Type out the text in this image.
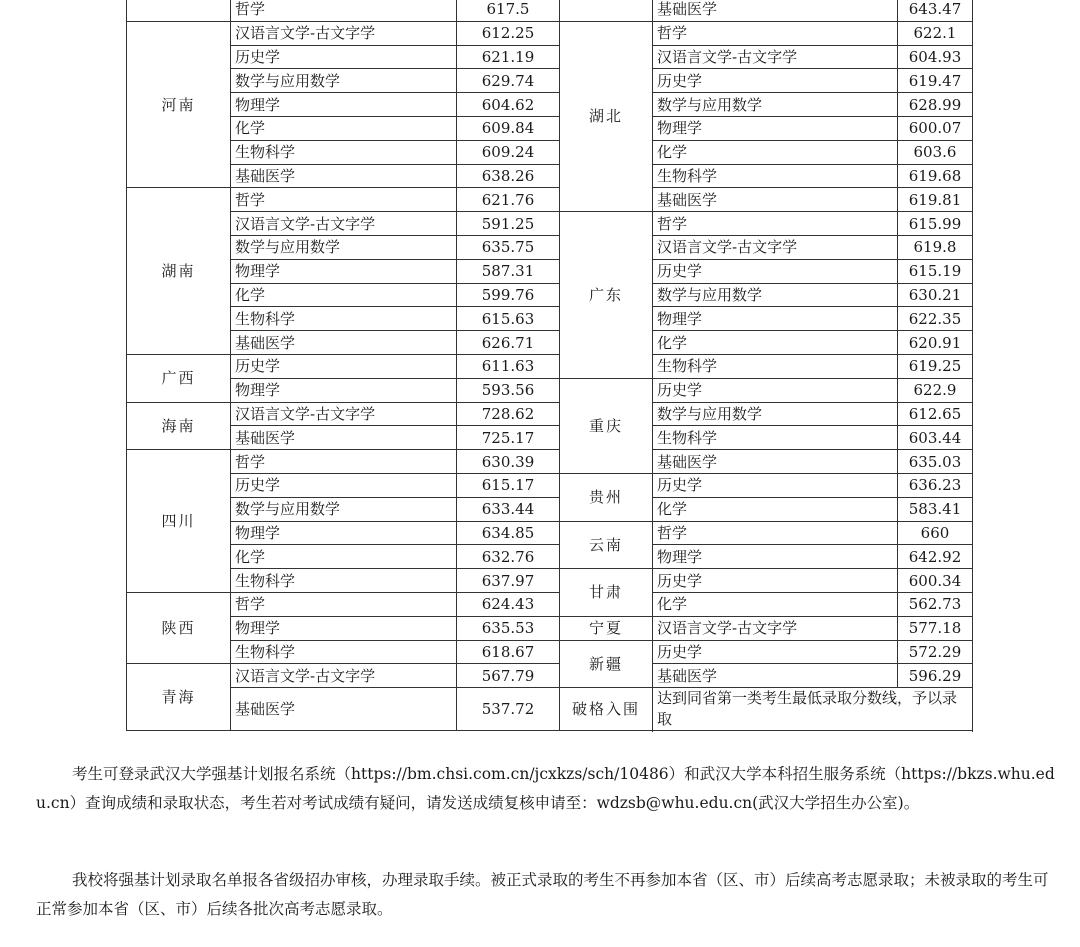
	哲学	617.5		基础医学	643.47
河南	汉语言文学-古文字学	612.25	湖北	哲学	622.1
	历史学	621.19		汉语言文学-古文字学	604.93
	数学与应用数学	629.74		历史学	619.47
	物理学	604.62		数学与应用数学	628.99
	化学	609.84		物理学	600.07
	生物科学	609.24		化学	603.6
	基础医学	638.26		生物科学	619.68
湖南	哲学	621.76		基础医学	619.81
	汉语言文学-古文字学	591.25	广东	哲学	615.99
	数学与应用数学	635.75		汉语言文学-古文字学	619.8
	物理学	587.31		历史学	615.19
	化学	599.76		数学与应用数学	630.21
	生物科学	615.63		物理学	622.35
	基础医学	626.71		化学	620.91
广西	历史学	611.63		生物科学	619.25
	物理学	593.56	重庆	历史学	622.9
海南	汉语言文学-古文字学	728.62		数学与应用数学	612.65
	基础医学	725.17		生物科学	603.44
四川	哲学	630.39		基础医学	635.03
	历史学	615.17	贵州	历史学	636.23
	数学与应用数学	633.44		化学	583.41
	物理学	634.85	云南	哲学	660
	化学	632.76		物理学	642.92
	生物科学	637.97	甘肃	历史学	600.34
陕西	哲学	624.43		化学	562.73
	物理学	635.53	宁夏	汉语言文学-古文字学	577.18
	生物科学	618.67	新疆	历史学	572.29
青海	汉语言文学-古文字学	567.79		基础医学	596.29
	基础医学	537.72	破格入围	达到同省第一类考生最低录取分数线，予以录取	

考生可登录武汉大学强基计划报名系统（https://bm.chsi.com.cn/jcxkzs/sch/10486）和武汉大学本科招生服务系统（https://bkzs.whu.edu.cn）查询成绩和录取状态，考生若对考试成绩有疑问，请发送成绩复核申请至：wdzsb@whu.edu.cn(武汉大学招生办公室)。

我校将强基计划录取名单报各省级招办审核，办理录取手续。被正式录取的考生不再参加本省（区、市）后续高考志愿录取；未被录取的考生可正常参加本省（区、市）后续各批次高考志愿录取。
